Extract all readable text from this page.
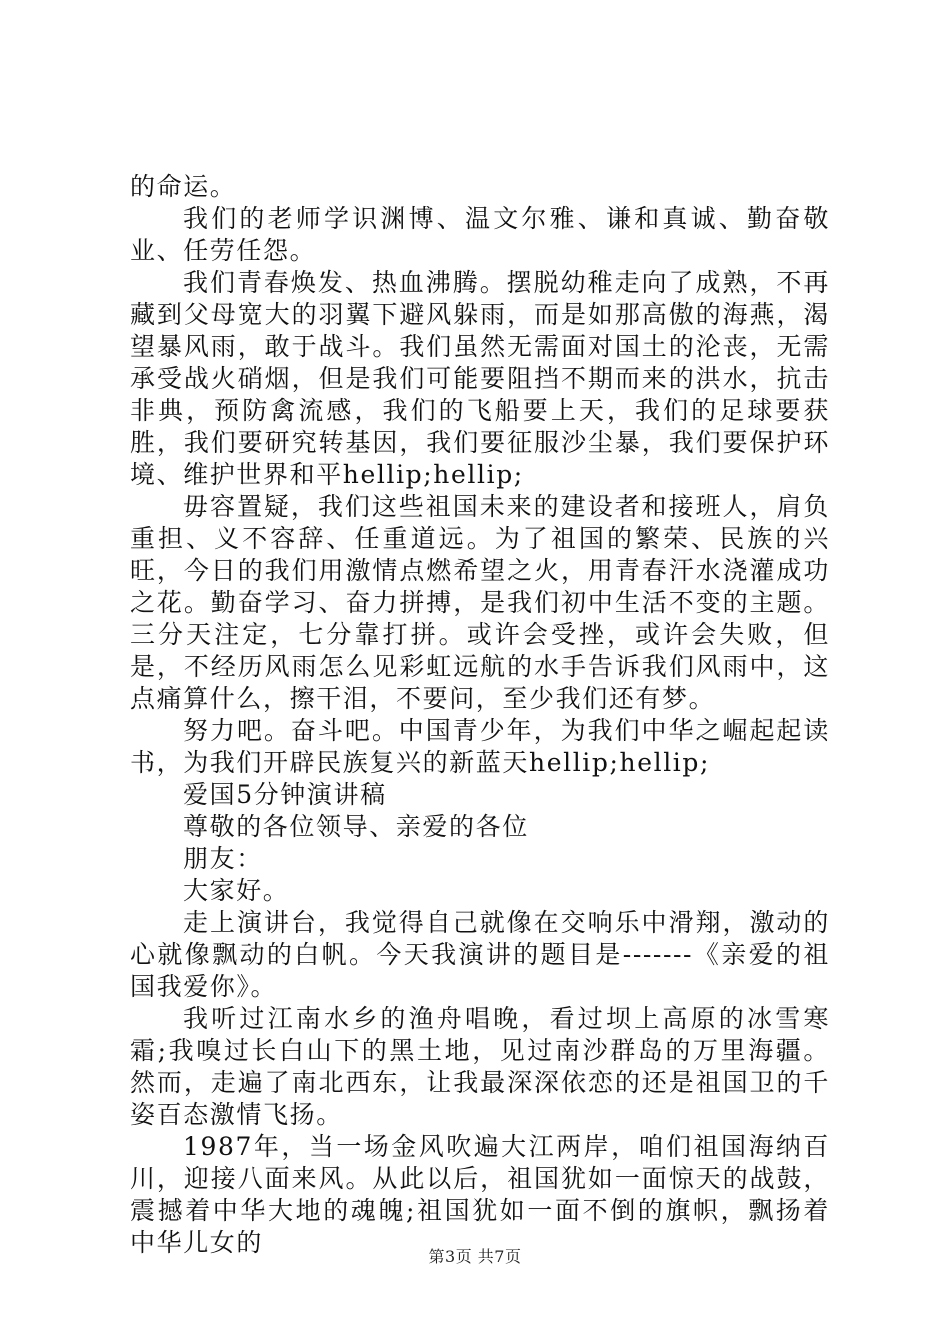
的命运。

我们的老师学识渊博、温文尔雅、谦和真诚、勤奋敬业、任劳任怨。

我们青春焕发、热血沸腾。摆脱幼稚走向了成熟，不再藏到父母宽大的羽翼下避风躲雨，而是如那高傲的海燕，渴望暴风雨，敢于战斗。我们虽然无需面对国土的沦丧，无需承受战火硝烟，但是我们可能要阻挡不期而来的洪水，抗击非典，预防禽流感，我们的飞船要上天，我们的足球要获胜，我们要研究转基因，我们要征服沙尘暴，我们要保护环境、维护世界和平hellip;hellip;

毋容置疑，我们这些祖国未来的建设者和接班人，肩负重担、义不容辞、任重道远。为了祖国的繁荣、民族的兴旺，今日的我们用激情点燃希望之火，用青春汗水浇灌成功之花。勤奋学习、奋力拼搏，是我们初中生活不变的主题。三分天注定，七分靠打拼。或许会受挫，或许会失败，但是，不经历风雨怎么见彩虹远航的水手告诉我们风雨中，这点痛算什么，擦干泪，不要问，至少我们还有梦。

努力吧。奋斗吧。中国青少年，为我们中华之崛起起读书，为我们开辟民族复兴的新蓝天hellip;hellip;

爱国5分钟演讲稿

尊敬的各位领导、亲爱的各位

朋友：

大家好。

走上演讲台，我觉得自己就像在交响乐中滑翔，激动的心就像飘动的白帆。今天我演讲的题目是-------《亲爱的祖国我爱你》。

我听过江南水乡的渔舟唱晚，看过坝上高原的冰雪寒霜;我嗅过长白山下的黑土地，见过南沙群岛的万里海疆。然而，走遍了南北西东，让我最深深依恋的还是祖国卫的千姿百态激情飞扬。

1987年，当一场金风吹遍大江两岸，咱们祖国海纳百川，迎接八面来风。从此以后，祖国犹如一面惊天的战鼓，震撼着中华大地的魂魄;祖国犹如一面不倒的旗帜，飘扬着中华儿女的	第3页 共7页
